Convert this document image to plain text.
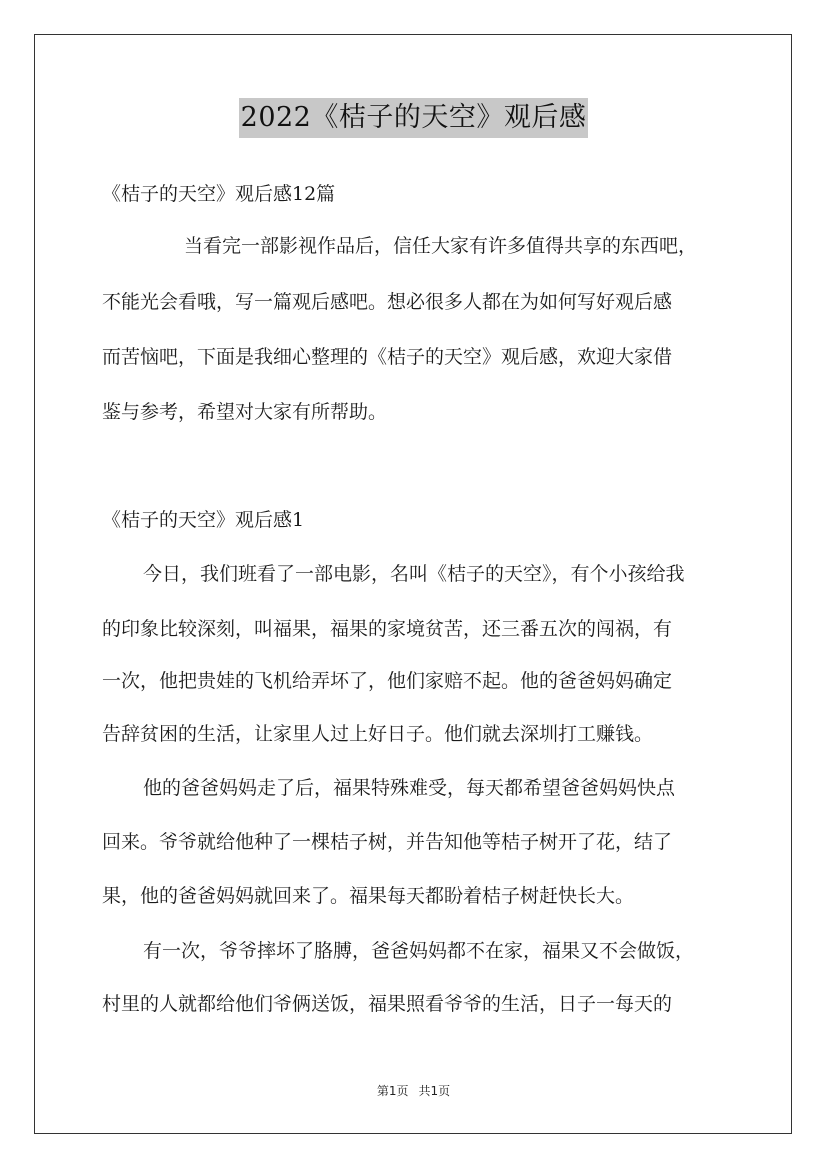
2022《桔子的天空》观后感

《桔子的天空》观后感12篇

当看完一部影视作品后，信任大家有许多值得共享的东西吧，

不能光会看哦，写一篇观后感吧。想必很多人都在为如何写好观后感

而苦恼吧，下面是我细心整理的《桔子的天空》观后感，欢迎大家借

鉴与参考，希望对大家有所帮助。

《桔子的天空》观后感1

今日，我们班看了一部电影，名叫《桔子的天空》，有个小孩给我

的印象比较深刻，叫福果，福果的家境贫苦，还三番五次的闯祸，有

一次，他把贵娃的飞机给弄坏了，他们家赔不起。他的爸爸妈妈确定

告辞贫困的生活，让家里人过上好日子。他们就去深圳打工赚钱。

他的爸爸妈妈走了后，福果特殊难受，每天都希望爸爸妈妈快点

回来。爷爷就给他种了一棵桔子树，并告知他等桔子树开了花，结了

果，他的爸爸妈妈就回来了。福果每天都盼着桔子树赶快长大。

有一次，爷爷摔坏了胳膊，爸爸妈妈都不在家，福果又不会做饭，

村里的人就都给他们爷俩送饭，福果照看爷爷的生活，日子一每天的

第1页 共1页
